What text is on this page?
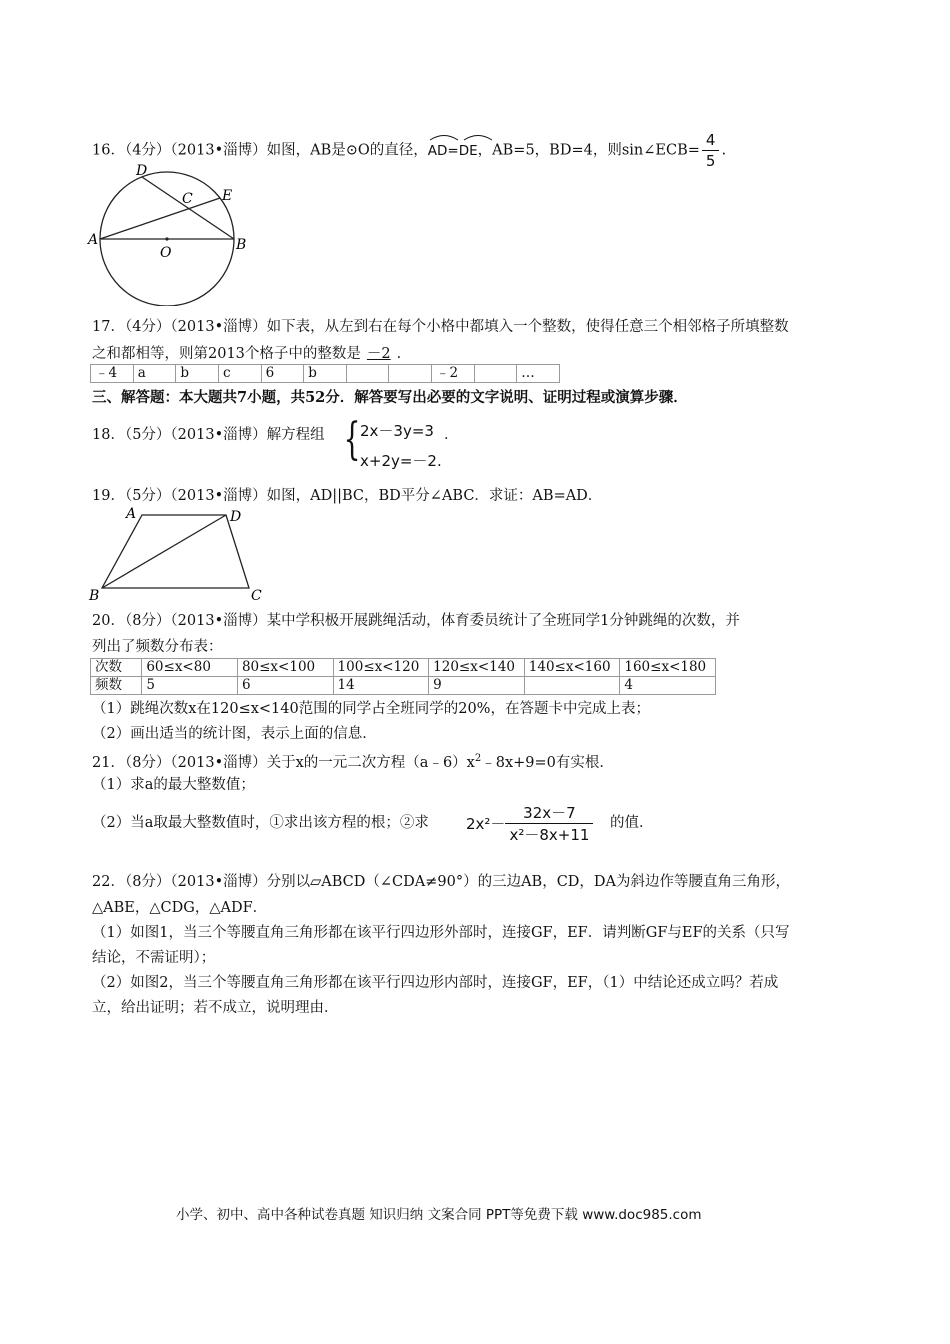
16．（4分）（2013•淄博）如图，AB是⊙O的直径，
AD=DE，AB=5，BD=4，则sin∠ECB= $\frac{4}{5}$ .
D
C E
A	B
O
17．（4分）（2013•淄博）如下表，从左到右在每个小格中都填入一个整数，使得任意三个相邻格子所填整数
之和都相等，则第2013个格子中的整数是 －2 ．
﹣4	a	b	c	6	b			﹣2		…
三、解答题：本大题共7小题，共52分．解答要写出必要的文字说明、证明过程或演算步骤．
18．（5分）（2013•淄博）解方程组 { 2x－3y=3
x+2y=－2.
．
19．（5分）（2013•淄博）如图，AD||BC，BD平分∠ABC．求证：AB=AD．
A	D
B	C
20．（8分）（2013•淄博）某中学积极开展跳绳活动，体育委员统计了全班同学1分钟跳绳的次数，并
列出了频数分布表：
次数	60≤x<80	80≤x<100	100≤x<120	120≤x<140	140≤x<160	160≤x<180
频数	5	6	14	9		4
（1）跳绳次数x在120≤x<140范围的同学占全班同学的20%，在答题卡中完成上表；
（2）画出适当的统计图，表示上面的信息．
21．（8分）（2013•淄博）关于x的一元二次方程$(a﹣6)x^2﹣8x+9=0$有实根．
（1）求a的最大整数值；
（2）当a取最大整数值时，①求出该方程的根；②求 $2x^2- \frac{32x-7}{\text{x²－8x+11}}$ 的值．
22．（8分）（2013•淄博）分别以▱ABCD（∠CDA≠90°）的三边AB，CD，DA为斜边作等腰直角三角形，
△ABE，△CDG，△ADF．
（1）如图1，当三个等腰直角三角形都在该平行四边形外部时，连接GF，EF．请判断GF与EF的关系（只写
结论，不需证明）；
（2）如图2，当三个等腰直角三角形都在该平行四边形内部时，连接GF，EF，（1）中结论还成立吗？若成
立，给出证明；若不成立，说明理由．
小学、初中、高中各种试卷真题 知识归纳 文案合同 PPT等免费下载 www.doc985.com
